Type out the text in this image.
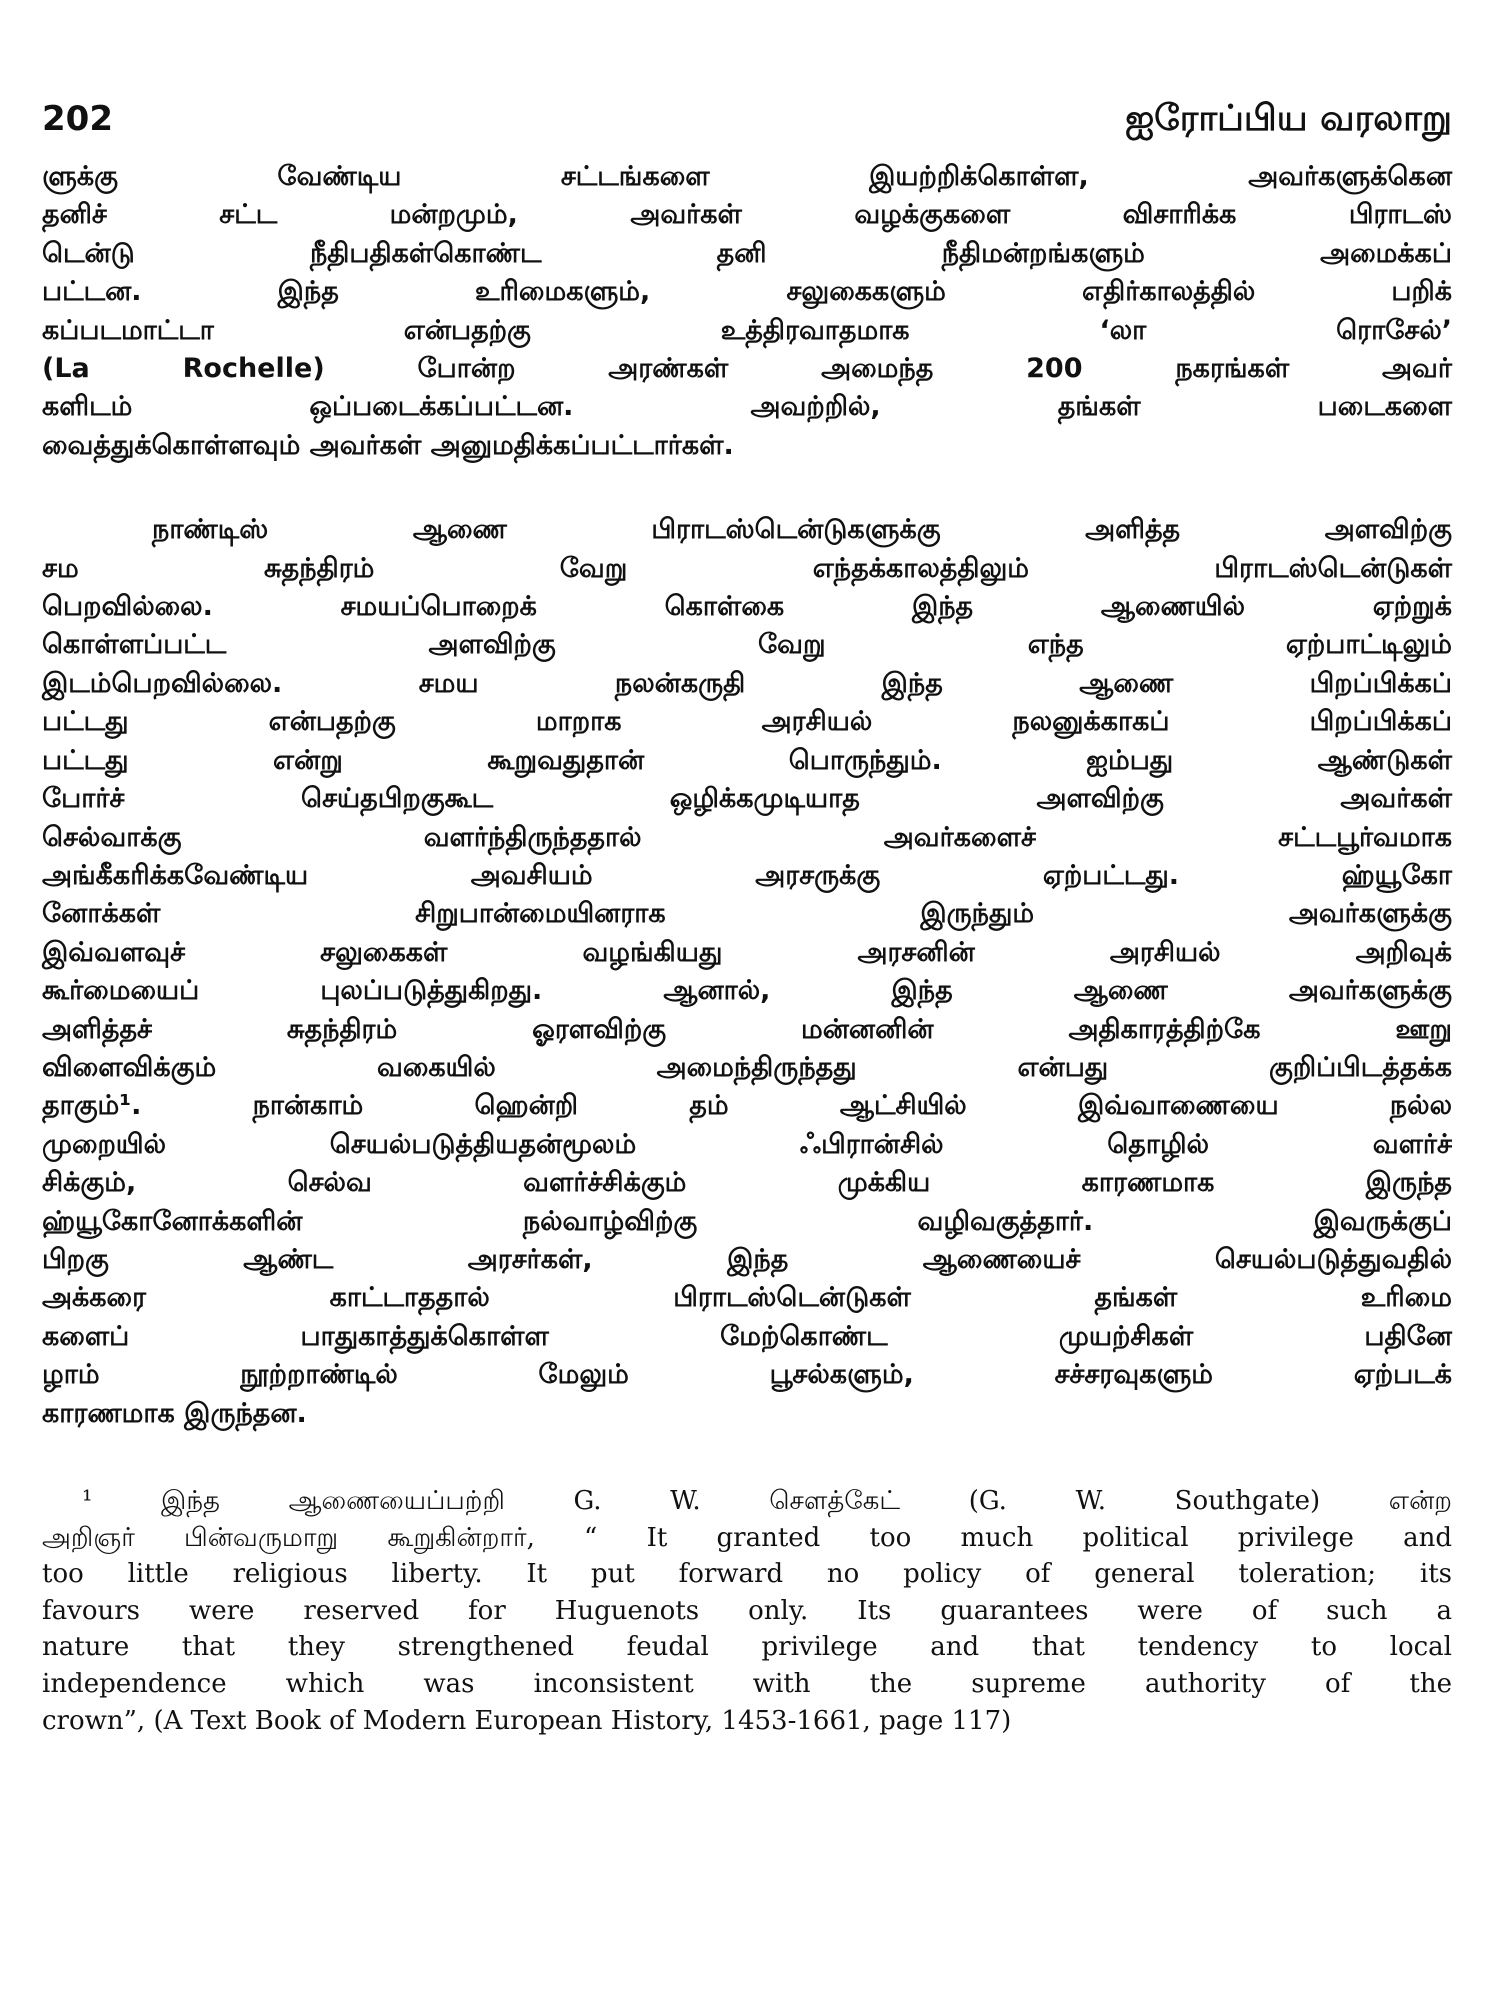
202	ஐரோப்பிய வரலாறு
ளுக்கு வேண்டிய சட்டங்களை இயற்றிக்கொள்ள, அவர்களுக்கென
தனிச் சட்ட மன்றமும், அவர்கள் வழக்குகளை விசாரிக்க பிராடஸ்
டென்டு நீதிபதிகள்கொண்ட தனி நீதிமன்றங்களும் அமைக்கப்
பட்டன. இந்த உரிமைகளும், சலுகைகளும் எதிர்காலத்தில் பறிக்
கப்படமாட்டா என்பதற்கு உத்திரவாதமாக ‘லா ரொசேல்’
(La Rochelle) போன்ற அரண்கள் அமைந்த 200 நகரங்கள் அவர்
களிடம் ஒப்படைக்கப்பட்டன. அவற்றில், தங்கள் படைகளை
வைத்துக்கொள்ளவும் அவர்கள் அனுமதிக்கப்பட்டார்கள்.
நாண்டிஸ் ஆணை பிராடஸ்டென்டுகளுக்கு அளித்த அளவிற்கு
சம சுதந்திரம் வேறு எந்தக்காலத்திலும் பிராடஸ்டென்டுகள்
பெறவில்லை. சமயப்பொறைக் கொள்கை இந்த ஆணையில் ஏற்றுக்
கொள்ளப்பட்ட அளவிற்கு வேறு எந்த ஏற்பாட்டிலும்
இடம்பெறவில்லை. சமய நலன்கருதி இந்த ஆணை பிறப்பிக்கப்
பட்டது என்பதற்கு மாறாக அரசியல் நலனுக்காகப் பிறப்பிக்கப்
பட்டது என்று கூறுவதுதான் பொருந்தும். ஐம்பது ஆண்டுகள்
போர்ச் செய்தபிறகுகூட ஒழிக்கமுடியாத அளவிற்கு அவர்கள்
செல்வாக்கு வளர்ந்திருந்ததால் அவர்களைச் சட்டபூர்வமாக
அங்கீகரிக்கவேண்டிய அவசியம் அரசருக்கு ஏற்பட்டது. ஹ்யூகோ
னோக்கள் சிறுபான்மையினராக இருந்தும் அவர்களுக்கு
இவ்வளவுச் சலுகைகள் வழங்கியது அரசனின் அரசியல் அறிவுக்
கூர்மையைப் புலப்படுத்துகிறது. ஆனால், இந்த ஆணை அவர்களுக்கு
அளித்தச் சுதந்திரம் ஓரளவிற்கு மன்னனின் அதிகாரத்திற்கே ஊறு
விளைவிக்கும் வகையில் அமைந்திருந்தது என்பது குறிப்பிடத்தக்க
தாகும்¹. நான்காம் ஹென்றி தம் ஆட்சியில் இவ்வாணையை நல்ல
முறையில் செயல்படுத்தியதன்மூலம் ஃபிரான்சில் தொழில் வளர்ச்
சிக்கும், செல்வ வளர்ச்சிக்கும் முக்கிய காரணமாக இருந்த
ஹ்யூகோனோக்களின் நல்வாழ்விற்கு வழிவகுத்தார். இவருக்குப்
பிறகு ஆண்ட அரசர்கள், இந்த ஆணையைச் செயல்படுத்துவதில்
அக்கரை காட்டாததால் பிராடஸ்டென்டுகள் தங்கள் உரிமை
களைப் பாதுகாத்துக்கொள்ள மேற்கொண்ட முயற்சிகள் பதினே
ழாம் நூற்றாண்டில் மேலும் பூசல்களும், சச்சரவுகளும் ஏற்படக்
காரணமாக இருந்தன.
¹ இந்த ஆணையைப்பற்றி G. W. சௌத்கேட் (G. W. Southgate) என்ற
அறிஞர் பின்வருமாறு கூறுகின்றார், “ It granted too much political privilege and
too little religious liberty. It put forward no policy of general toleration; its
favours were reserved for Huguenots only. Its guarantees were of such a
nature that they strengthened feudal privilege and that tendency to local
independence which was inconsistent with the supreme authority of the
crown”, (A Text Book of Modern European History, 1453-1661, page 117)
